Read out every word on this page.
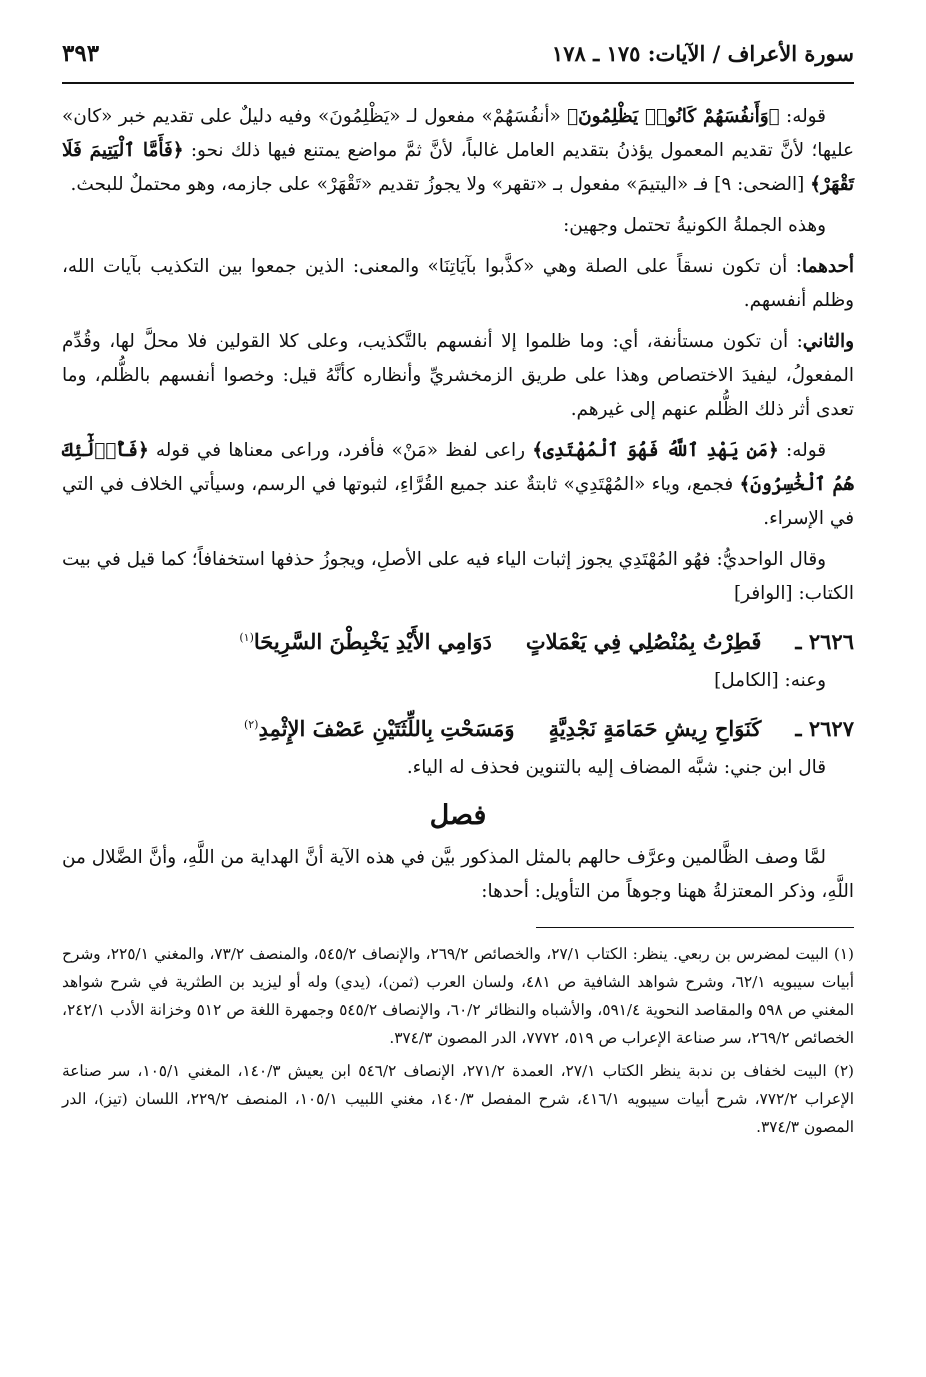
سورة الأعراف / الآيات: ١٧٥ ـ ١٧٨
٣٩٣

قوله: ﴿وَأَنفُسَهُمْ كَانُوا۟ يَظْلِمُونَ﴾ «أنفُسَهُمْ» مفعول لـ «يَظْلِمُونَ» وفيه دليلٌ على تقديم خبر «كان» عليها؛ لأنَّ تقديم المعمول يؤذنُ بتقديم العامل غالباً، لأنَّ ثمَّ مواضع يمتنع فيها ذلك نحو: ﴿فَأَمَّا ٱلْيَتِيمَ فَلَا تَقْهَرْ﴾ [الضحى: ٩] فـ «اليتيمَ» مفعول بـ «تقهر» ولا يجوزُ تقديم «تَقْهَرْ» على جازمه، وهو محتملٌ للبحث.

وهذه الجملةُ الكونيةُ تحتمل وجهين:

أحدهما: أن تكون نسقاً على الصلة وهي «كذَّبوا بآيَاتِنَا» والمعنى: الذين جمعوا بين التكذيب بآيات الله، وظلم أنفسهم.

والثاني: أن تكون مستأنفة، أي: وما ظلموا إلا أنفسهم بالتَّكذيب، وعلى كلا القولين فلا محلَّ لها، وقُدِّم المفعولُ، ليفيدَ الاختصاص وهذا على طريق الزمخشريِّ وأنظاره كأنَّهُ قيل: وخصوا أنفسهم بالظُّلم، وما تعدى أثر ذلك الظُّلم عنهم إلى غيرهم.

قوله: ﴿مَن يَهْدِ ٱللَّهُ فَهُوَ ٱلْمُهْتَدِى﴾ راعى لفظ «مَنْ» فأفرد، وراعى معناها في قوله ﴿فَأُو۟لَٰٓئِكَ هُمُ ٱلْخَٰسِرُونَ﴾ فجمع، وياء «المُهْتَدِي» ثابتةٌ عند جميع القُرَّاءِ، لثبوتها في الرسم، وسيأتي الخلاف في التي في الإسراء.

وقال الواحديُّ: فهُو المُهْتَدِي يجوز إثبات الياء فيه على الأصلِ، ويجوزُ حذفها استخفافاً؛ كما قيل في بيت الكتاب: [الوافر]

٢٦٢٦ ـ
فَطِرْتُ بِمُنْصُلِي فِي يَعْمَلاتٍ
دَوَامِي الأَيْدِ يَخْبِطْنَ السَّرِيحَا$^{(١)}$

وعنه: [الكامل]

٢٦٢٧ ـ
كَنَوَاحِ رِيشِ حَمَامَةٍ نَجْدِيَّةٍ
وَمَسَحْتِ بِاللِّثَتَيْنِ عَصْفَ الإِثْمِدِ$^{(٢)}$

قال ابن جني: شبَّه المضاف إليه بالتنوين فحذف له الياء.

فصل

لمَّا وصف الظَّالمين وعرَّف حالهم بالمثل المذكور بيَّن في هذه الآية أنَّ الهداية من اللَّهِ، وأنَّ الضَّلال من اللَّهِ، وذكر المعتزلةُ ههنا وجوهاً من التأويل: أحدها:

(١) البيت لمضرس بن ربعي. ينظر: الكتاب ٢٧/١، والخصائص ٢٦٩/٢، والإنصاف ٥٤٥/٢، والمنصف ٧٣/٢، والمغني ٢٢٥/١، وشرح أبيات سيبويه ٦٢/١، وشرح شواهد الشافية ص ٤٨١، ولسان العرب (ثمن)، (يدي) وله أو ليزيد بن الطثرية في شرح شواهد المغني ص ٥٩٨ والمقاصد النحوية ٥٩١/٤، والأشباه والنظائر ٦٠/٢، والإنصاف ٥٤٥/٢ وجمهرة اللغة ص ٥١٢ وخزانة الأدب ٢٤٢/١، الخصائص ٢٦٩/٢، سر صناعة الإعراب ص ٥١٩، ٧٧٧٢، الدر المصون ٣٧٤/٣.

(٢) البيت لخفاف بن ندبة ينظر الكتاب ٢٧/١، العمدة ٢٧١/٢، الإنصاف ٥٤٦/٢ ابن يعيش ١٤٠/٣، المغني ١٠٥/١، سر صناعة الإعراب ٧٧٢/٢، شرح أبيات سيبويه ٤١٦/١، شرح المفصل ١٤٠/٣، مغني اللبيب ١٠٥/١، المنصف ٢٢٩/٢، اللسان (تيز)، الدر المصون ٣٧٤/٣.
